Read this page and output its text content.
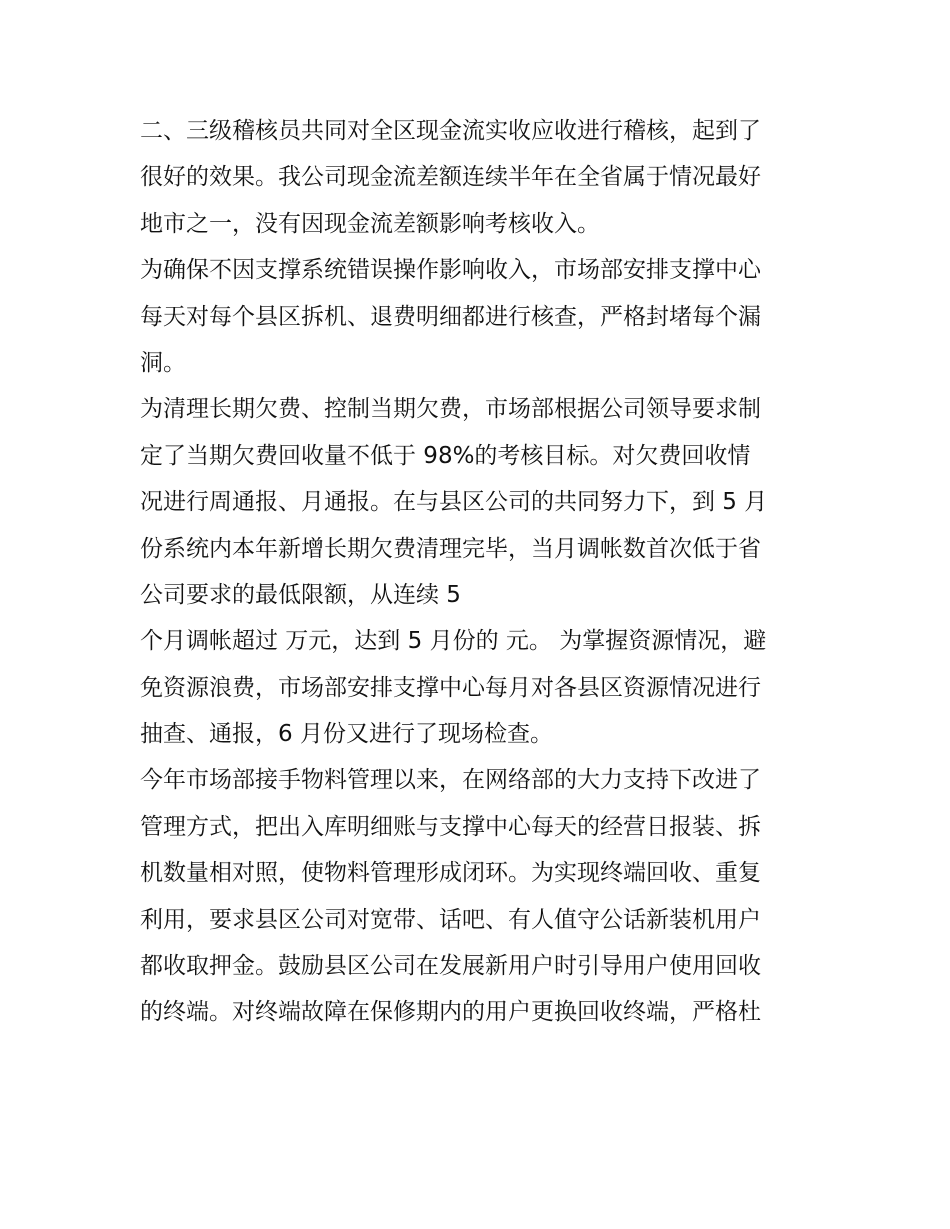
二、三级稽核员共同对全区现金流实收应收进行稽核，起到了
很好的效果。我公司现金流差额连续半年在全省属于情况最好
地市之一，没有因现金流差额影响考核收入。
为确保不因支撑系统错误操作影响收入，市场部安排支撑中心
每天对每个县区拆机、退费明细都进行核查，严格封堵每个漏
洞。
为清理长期欠费、控制当期欠费，市场部根据公司领导要求制
定了当期欠费回收量不低于 98%的考核目标。对欠费回收情
况进行周通报、月通报。在与县区公司的共同努力下，到 5 月
份系统内本年新增长期欠费清理完毕，当月调帐数首次低于省
公司要求的最低限额，从连续 5
个月调帐超过 万元，达到 5 月份的 元。 为掌握资源情况，避
免资源浪费，市场部安排支撑中心每月对各县区资源情况进行
抽查、通报，6 月份又进行了现场检查。
今年市场部接手物料管理以来，在网络部的大力支持下改进了
管理方式，把出入库明细账与支撑中心每天的经营日报装、拆
机数量相对照，使物料管理形成闭环。为实现终端回收、重复
利用，要求县区公司对宽带、话吧、有人值守公话新装机用户
都收取押金。鼓励县区公司在发展新用户时引导用户使用回收
的终端。对终端故障在保修期内的用户更换回收终端，严格杜
